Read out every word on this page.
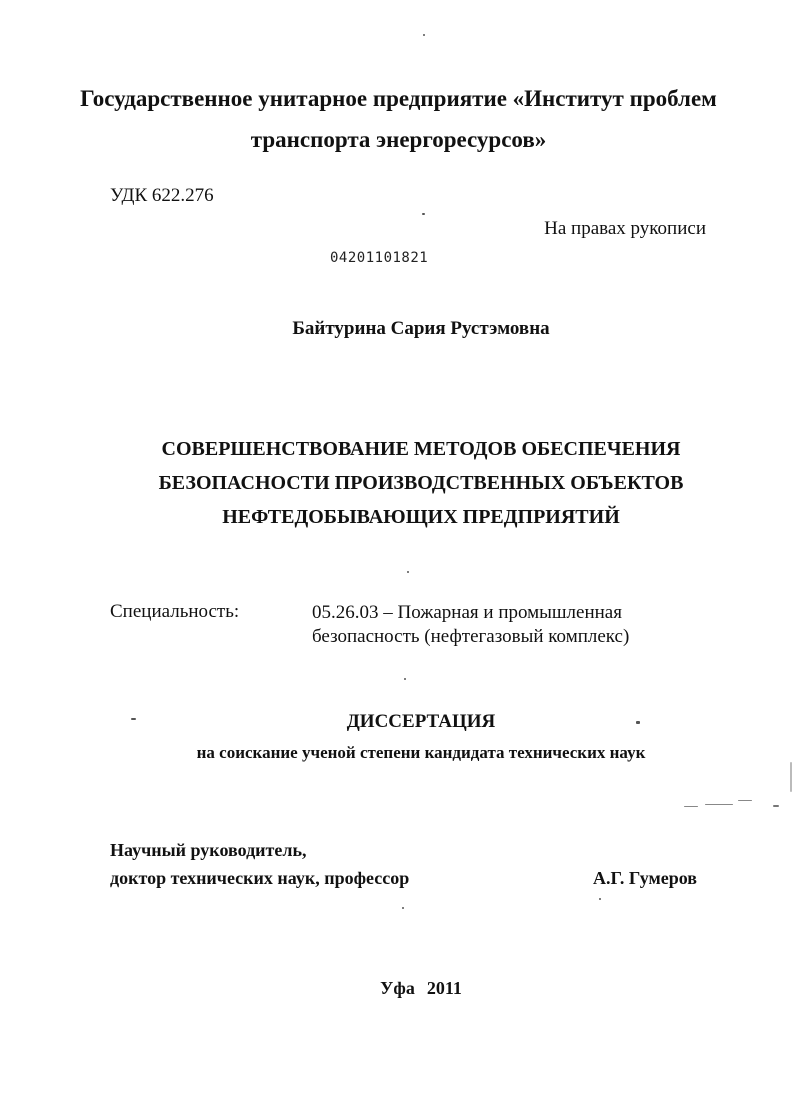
Государственное унитарное предприятие «Институт проблем
транспорта энергоресурсов»

УДК 622.276

На правах рукописи

04201101821

Байтурина Сария Рустэмовна

СОВЕРШЕНСТВОВАНИЕ МЕТОДОВ ОБЕСПЕЧЕНИЯ
БЕЗОПАСНОСТИ ПРОИЗВОДСТВЕННЫХ ОБЪЕКТОВ
НЕФТЕДОБЫВАЮЩИХ ПРЕДПРИЯТИЙ

Специальность:	05.26.03 – Пожарная и промышленная
безопасность (нефтегазовый комплекс)

ДИССЕРТАЦИЯ

на соискание ученой степени кандидата технических наук

Научный руководитель,

доктор технических наук, профессор	А.Г. Гумеров

Уфа 2011
